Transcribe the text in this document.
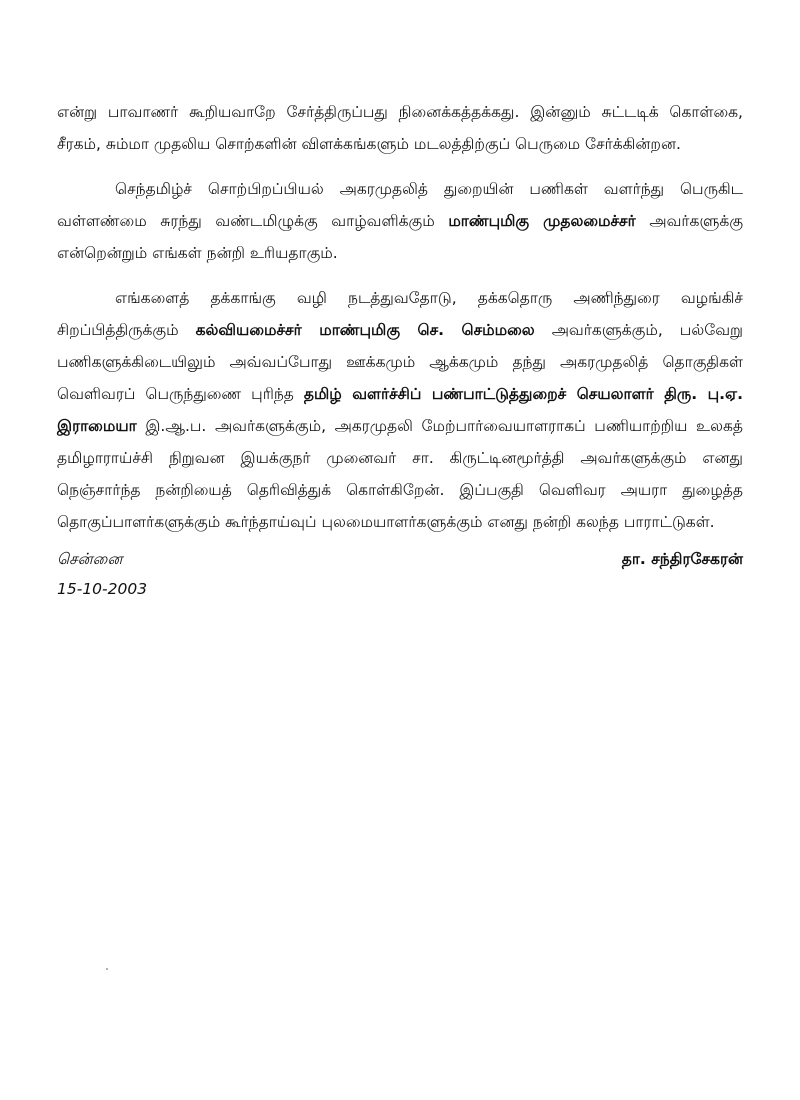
என்று பாவாணர் கூறியவாறே சேர்த்திருப்பது நினைக்கத்தக்கது. இன்னும் சுட்டடிக் கொள்கை, சீரகம், சும்மா முதலிய சொற்களின் விளக்கங்களும் மடலத்திற்குப் பெருமை சேர்க்கின்றன.

செந்தமிழ்ச் சொற்பிறப்பியல் அகரமுதலித் துறையின் பணிகள் வளர்ந்து பெருகிட வள்ளண்மை சுரந்து வண்டமிழுக்கு வாழ்வளிக்கும் மாண்புமிகு முதலமைச்சர் அவர்களுக்கு என்றென்றும் எங்கள் நன்றி உரியதாகும்.

எங்களைத் தக்காங்கு வழி நடத்துவதோடு, தக்கதொரு அணிந்துரை வழங்கிச் சிறப்பித்திருக்கும் கல்வியமைச்சர் மாண்புமிகு செ. செம்மலை அவர்களுக்கும், பல்வேறு பணிகளுக்கிடையிலும் அவ்வப்போது ஊக்கமும் ஆக்கமும் தந்து அகரமுதலித் தொகுதிகள் வெளிவரப் பெருந்துணை புரிந்த தமிழ் வளர்ச்சிப் பண்பாட்டுத்துறைச் செயலாளர் திரு. பு.ஏ. இராமையா இ.ஆ.ப. அவர்களுக்கும், அகரமுதலி மேற்பார்வையாளராகப் பணியாற்றிய உலகத் தமிழாராய்ச்சி நிறுவன இயக்குநர் முனைவர் சா. கிருட்டினமூர்த்தி அவர்களுக்கும் எனது நெஞ்சார்ந்த நன்றியைத் தெரிவித்துக் கொள்கிறேன். இப்பகுதி வெளிவர அயரா துழைத்த தொகுப்பாளர்களுக்கும் கூர்ந்தாய்வுப் புலமையாளர்களுக்கும் எனது நன்றி கலந்த பாராட்டுகள்.

சென்னை
15-10-2003
தா. சந்திரசேகரன்
